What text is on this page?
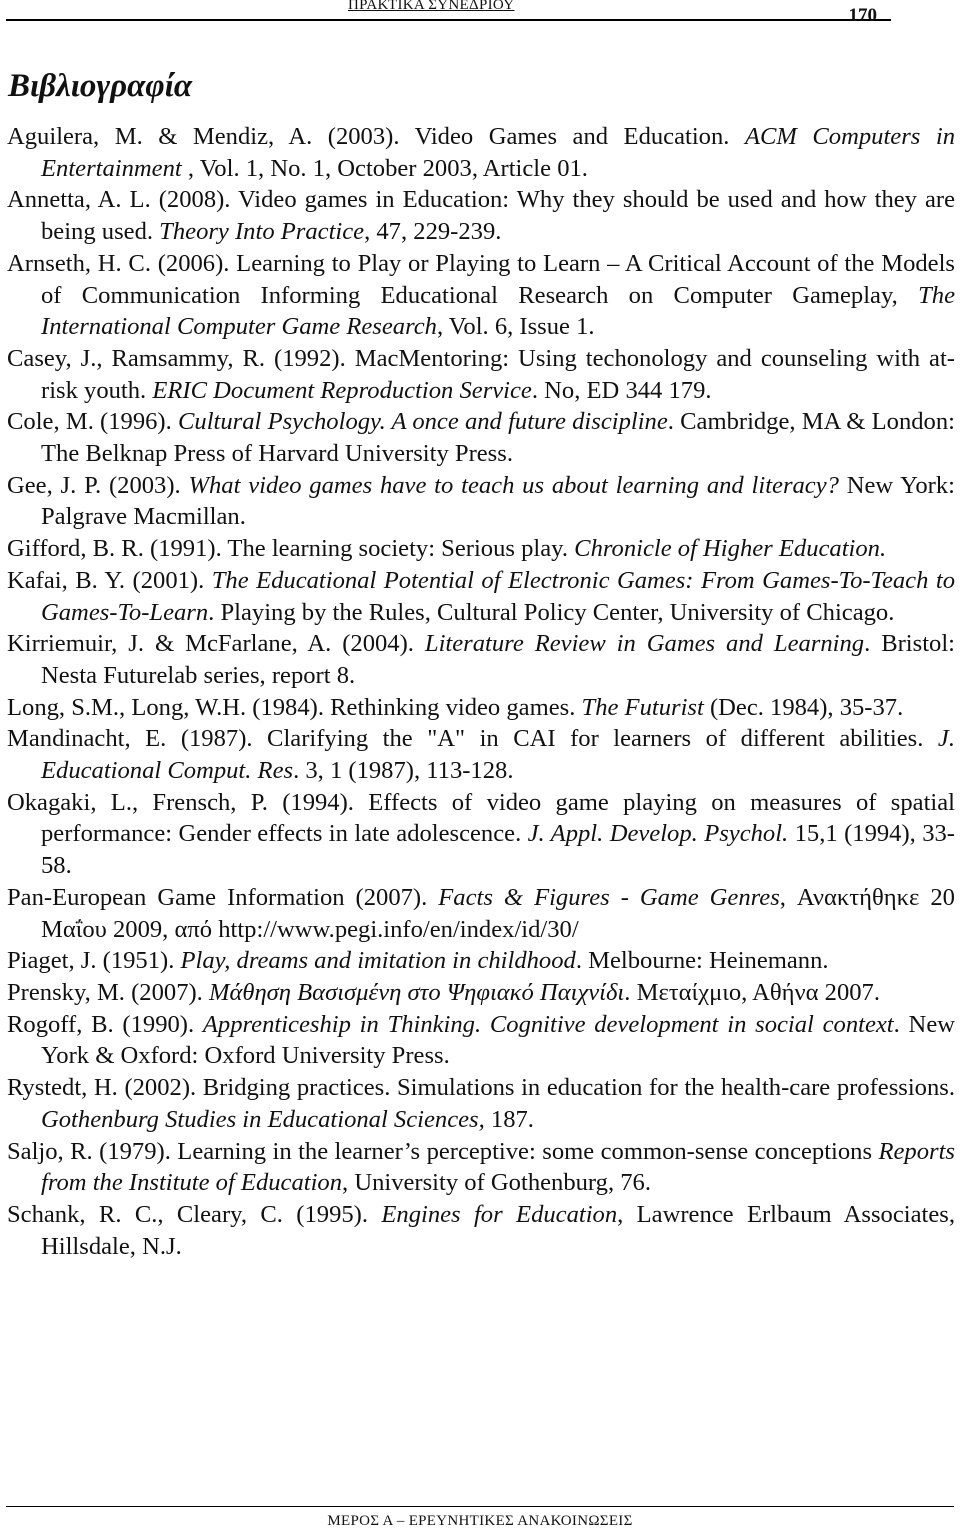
ΠΡΑΚΤΙΚΑ ΣΥΝΕΔΡΙΟΥ	170
Βιβλιογραφία

Aguilera, M. & Mendiz, A. (2003). Video Games and Education. ACM Computers in Entertainment , Vol. 1, No. 1, October 2003, Article 01.

Annetta, A. L. (2008). Video games in Education: Why they should be used and how they are being used. Theory Into Practice, 47, 229-239.

Arnseth, H. C. (2006). Learning to Play or Playing to Learn – A Critical Account of the Models of Communication Informing Educational Research on Computer Gameplay, The International Computer Game Research, Vol. 6, Issue 1.

Casey, J., Ramsammy, R. (1992). MacMentoring: Using techonology and counseling with at-risk youth. ERIC Document Reproduction Service. No, ED 344 179.

Cole, M. (1996). Cultural Psychology. A once and future discipline. Cambridge, MA & London: The Belknap Press of Harvard University Press.

Gee, J. P. (2003). What video games have to teach us about learning and literacy? New York: Palgrave Macmillan.

Gifford, B. R. (1991). The learning society: Serious play. Chronicle of Higher Education.

Kafai, B. Y. (2001). The Educational Potential of Electronic Games: From Games-To-Teach to Games-To-Learn. Playing by the Rules, Cultural Policy Center, University of Chicago.

Kirriemuir, J. & McFarlane, A. (2004). Literature Review in Games and Learning. Bristol: Nesta Futurelab series, report 8.

Long, S.M., Long, W.H. (1984). Rethinking video games. The Futurist (Dec. 1984), 35-37.

Mandinacht, E. (1987). Clarifying the "A" in CAI for learners of different abilities. J. Educational Comput. Res. 3, 1 (1987), 113-128.

Okagaki, L., Frensch, P. (1994). Effects of video game playing on measures of spatial performance: Gender effects in late adolescence. J. Appl. Develop. Psychol. 15,1 (1994), 33-58.

Pan-European Game Information (2007). Facts & Figures - Game Genres, Ανακτήθηκε 20 Μαΐου 2009, από http://www.pegi.info/en/index/id/30/

Piaget, J. (1951). Play, dreams and imitation in childhood. Melbourne: Heinemann.

Prensky, M. (2007). Μάθηση Βασισμένη στο Ψηφιακό Παιχνίδι. Μεταίχμιο, Αθήνα 2007.

Rogoff, B. (1990). Apprenticeship in Thinking. Cognitive development in social context. New York & Oxford: Oxford University Press.

Rystedt, H. (2002). Bridging practices. Simulations in education for the health-care professions. Gothenburg Studies in Educational Sciences, 187.

Saljo, R. (1979). Learning in the learner’s perceptive: some common-sense conceptions Reports from the Institute of Education, University of Gothenburg, 76.

Schank, R. C., Cleary, C. (1995). Engines for Education, Lawrence Erlbaum Associates, Hillsdale, N.J.

ΜΕΡΟΣ Α – ΕΡΕΥΝΗΤΙΚΕΣ ΑΝΑΚΟΙΝΩΣΕΙΣ
